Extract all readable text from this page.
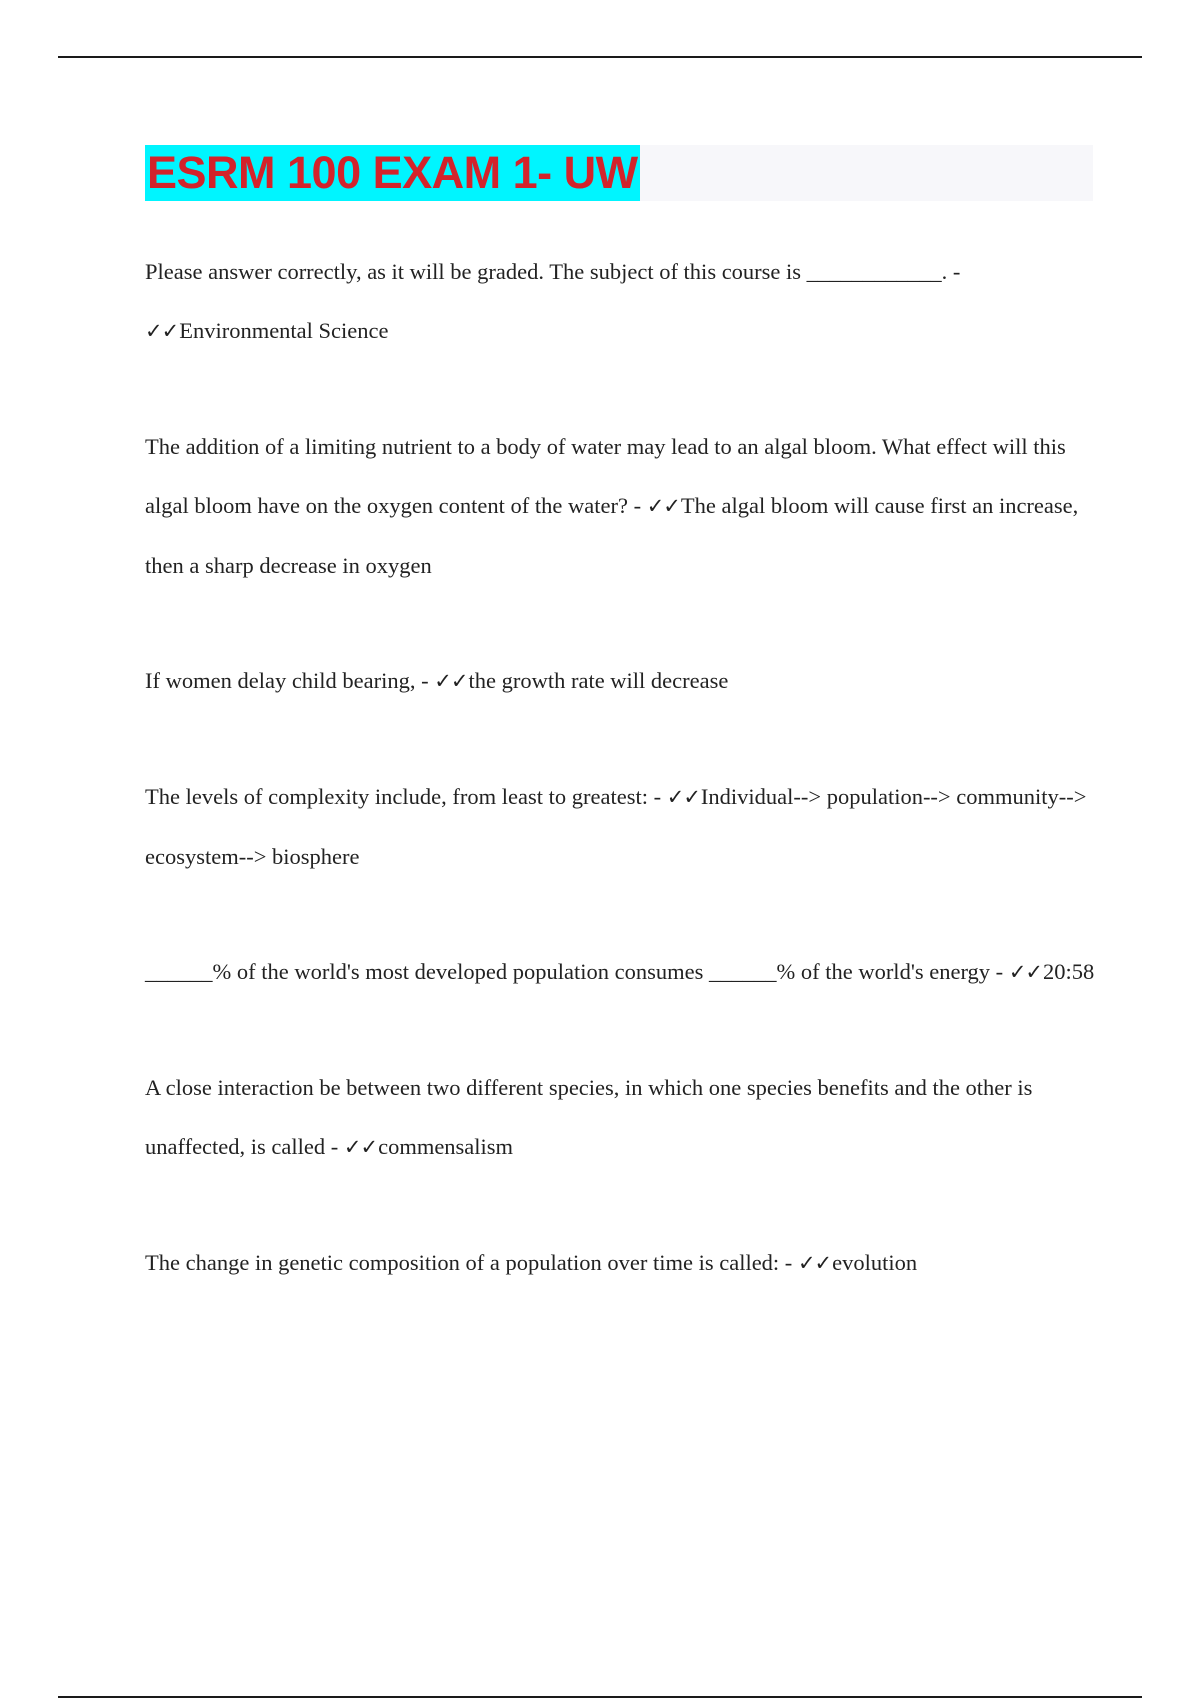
ESRM 100 EXAM 1- UW

Please answer correctly, as it will be graded. The subject of this course is ____________. - ✓✓Environmental Science

The addition of a limiting nutrient to a body of water may lead to an algal bloom. What effect will this algal bloom have on the oxygen content of the water? - ✓✓The algal bloom will cause first an increase, then a sharp decrease in oxygen

If women delay child bearing, - ✓✓the growth rate will decrease

The levels of complexity include, from least to greatest: - ✓✓Individual--> population--> community--> ecosystem--> biosphere

______% of the world's most developed population consumes ______% of the world's energy - ✓✓20:58

A close interaction be between two different species, in which one species benefits and the other is unaffected, is called - ✓✓commensalism

The change in genetic composition of a population over time is called: - ✓✓evolution
